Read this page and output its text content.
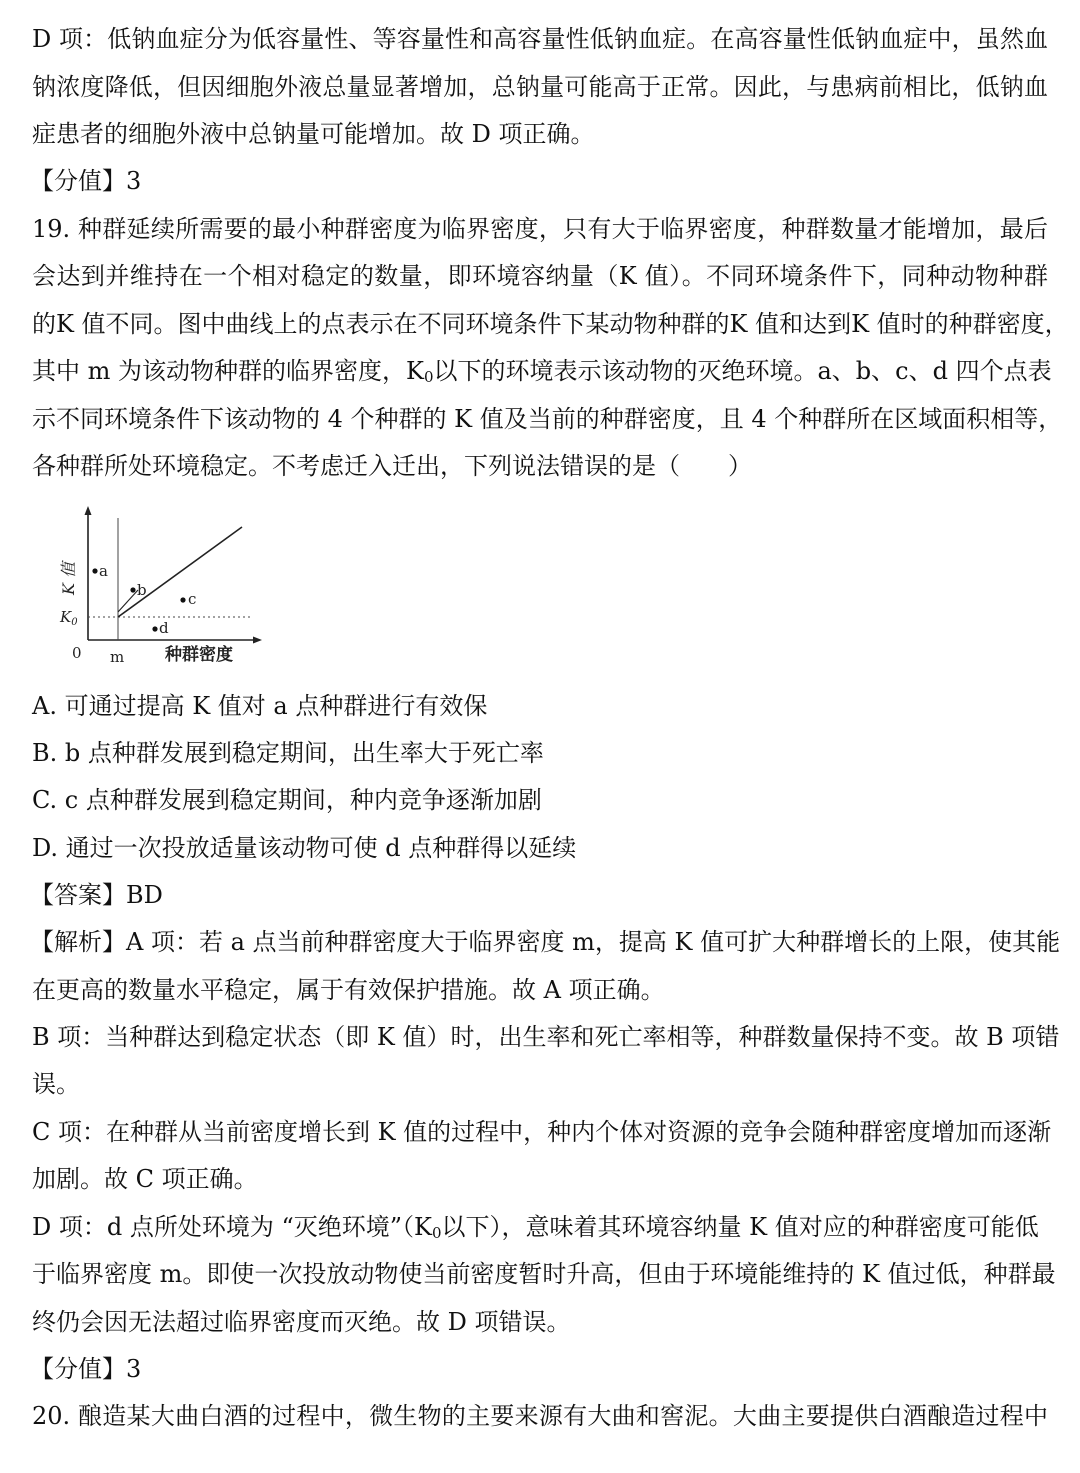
D 项：低钠血症分为低容量性、等容量性和高容量性低钠血症。在高容量性低钠血症中，虽然血
钠浓度降低，但因细胞外液总量显著增加，总钠量可能高于正常。因此，与患病前相比，低钠血
症患者的细胞外液中总钠量可能增加。故 D 项正确。
【分值】3
19. 种群延续所需要的最小种群密度为临界密度，只有大于临界密度，种群数量才能增加，最后
会达到并维持在一个相对稳定的数量，即环境容纳量（K 值）。不同环境条件下，同种动物种群
的K 值不同。图中曲线上的点表示在不同环境条件下某动物种群的K 值和达到K 值时的种群密度，
其中 m 为该动物种群的临界密度，$K_0$以下的环境表示该动物的灭绝环境。a、b、c、d 四个点表
示不同环境条件下该动物的 4 个种群的 K 值及当前的种群密度，且 4 个种群所在区域面积相等，
各种群所处环境稳定。不考虑迁入迁出，下列说法错误的是（　　）
a
b	c
d
K 值
$K_0$
0 m 种群密度
A. 可通过提高 K 值对 a 点种群进行有效保
B. b 点种群发展到稳定期间，出生率大于死亡率
C. c 点种群发展到稳定期间，种内竞争逐渐加剧
D. 通过一次投放适量该动物可使 d 点种群得以延续
【答案】BD
【解析】A 项：若 a 点当前种群密度大于临界密度 m，提高 K 值可扩大种群增长的上限，使其能
在更高的数量水平稳定，属于有效保护措施。故 A 项正确。
B 项：当种群达到稳定状态（即 K 值）时，出生率和死亡率相等，种群数量保持不变。故 B 项错
误。
C 项：在种群从当前密度增长到 K 值的过程中，种内个体对资源的竞争会随种群密度增加而逐渐
加剧。故 C 项正确。
D 项：d 点所处环境为 “灭绝环境$”(K_0$以下），意味着其环境容纳量 K 值对应的种群密度可能低
于临界密度 m。即使一次投放动物使当前密度暂时升高，但由于环境能维持的 K 值过低，种群最
终仍会因无法超过临界密度而灭绝。故 D 项错误。
【分值】3
20. 酿造某大曲白酒的过程中，微生物的主要来源有大曲和窖泥。大曲主要提供白酒酿造过程中
